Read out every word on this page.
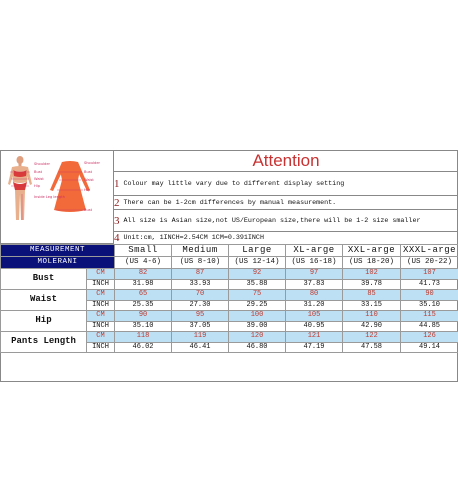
Shoulder
Bust
Waist
Hip
Inside Leg length
Shoulder
Bust
Waist
Hip
Bust
Attention
1 Colour may little vary due to different display setting
2 There can be 1-2cm differences by manual measurement.
3 All size is Asian size,not US/European size,there will be 1-2 size smaller
4 Unit:cm, 1INCH=2.54CM 1CM=0.391INCH
MEASUREMENT		Small	Medium	Large	XL-arge	XXL-arge	XXXL-arge
MOLERANI		(US 4-6)	(US 8-10)	(US 12-14)	(US 16-18)	(US 18-20)	(US 20-22)
Bust	CM	82	87	92	97	102	107
	INCH	31.98	33.93	35.88	37.83	39.78	41.73
Waist	CM	65	70	75	80	85	90
	INCH	25.35	27.30	29.25	31.20	33.15	35.10
Hip	CM	90	95	100	105	110	115
	INCH	35.10	37.05	39.00	40.95	42.90	44.85
Pants Length	CM	118	119	120	121	122	126
	INCH	46.02	46.41	46.80	47.19	47.58	49.14
